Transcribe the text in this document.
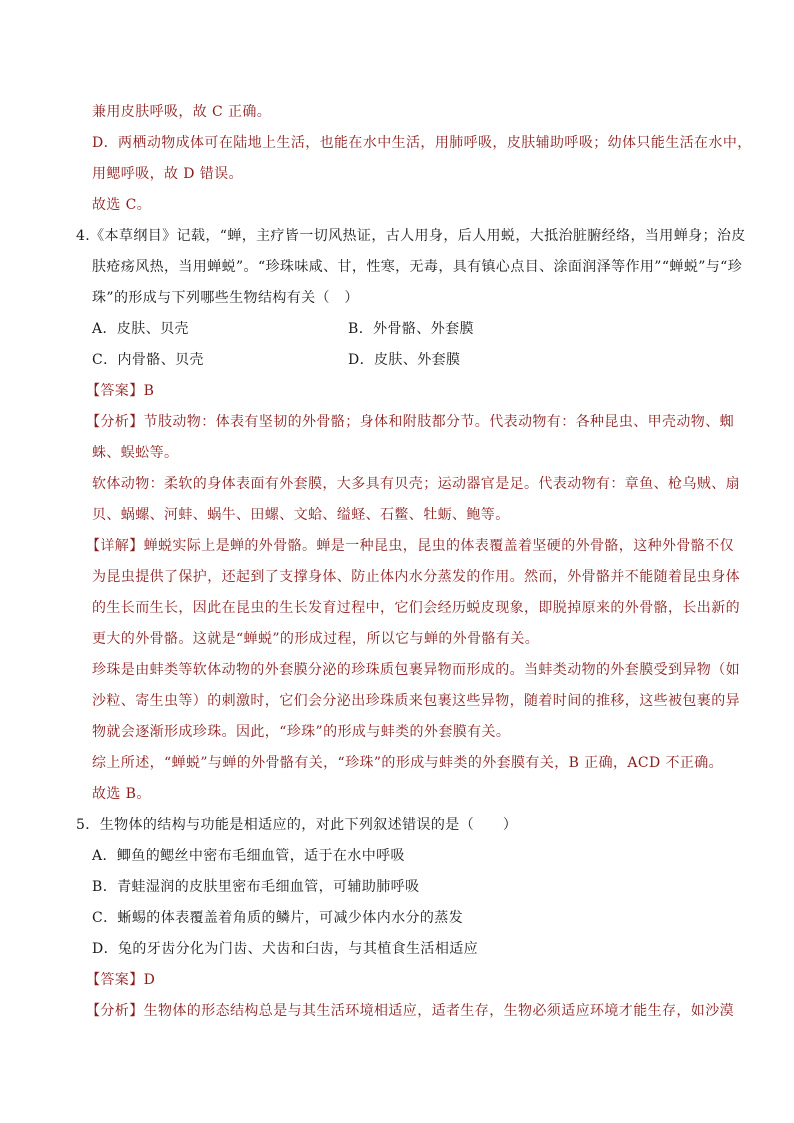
兼用皮肤呼吸，故 C 正确。
D．两栖动物成体可在陆地上生活，也能在水中生活，用肺呼吸，皮肤辅助呼吸；幼体只能生活在水中，
用鳃呼吸，故 D 错误。
故选 C。
4.《本草纲目》记载，“蝉，主疗皆一切风热证，古人用身，后人用蜕，大抵治脏腑经络，当用蝉身；治皮
肤疮疡风热，当用蝉蜕”。“珍珠味咸、甘，性寒，无毒，具有镇心点目、涂面润泽等作用”“蝉蜕”与“珍
珠”的形成与下列哪些生物结构有关（　）
A．皮肤、贝壳	B．外骨骼、外套膜
C．内骨骼、贝壳	D．皮肤、外套膜
【答案】B
【分析】节肢动物：体表有坚韧的外骨骼；身体和附肢都分节。代表动物有：各种昆虫、甲壳动物、蜘
蛛、蜈蚣等。
软体动物：柔软的身体表面有外套膜，大多具有贝壳；运动器官是足。代表动物有：章鱼、枪乌贼、扇
贝、蜗螺、河蚌、蜗牛、田螺、文蛤、缢蛏、石鳖、牡蛎、鲍等。
【详解】蝉蜕实际上是蝉的外骨骼。蝉是一种昆虫，昆虫的体表覆盖着坚硬的外骨骼，这种外骨骼不仅
为昆虫提供了保护，还起到了支撑身体、防止体内水分蒸发的作用。然而，外骨骼并不能随着昆虫身体
的生长而生长，因此在昆虫的生长发育过程中，它们会经历蜕皮现象，即脱掉原来的外骨骼，长出新的
更大的外骨骼。这就是“蝉蜕”的形成过程，所以它与蝉的外骨骼有关。
珍珠是由蚌类等软体动物的外套膜分泌的珍珠质包裹异物而形成的。当蚌类动物的外套膜受到异物（如
沙粒、寄生虫等）的刺激时，它们会分泌出珍珠质来包裹这些异物，随着时间的推移，这些被包裹的异
物就会逐渐形成珍珠。因此，“珍珠”的形成与蚌类的外套膜有关。
综上所述，“蝉蜕”与蝉的外骨骼有关，“珍珠”的形成与蚌类的外套膜有关，B 正确，ACD 不正确。
故选 B。
5．生物体的结构与功能是相适应的，对此下列叙述错误的是（　　）
A．鲫鱼的鳃丝中密布毛细血管，适于在水中呼吸
B．青蛙湿润的皮肤里密布毛细血管，可辅助肺呼吸
C．蜥蜴的体表覆盖着角质的鳞片，可减少体内水分的蒸发
D．兔的牙齿分化为门齿、犬齿和臼齿，与其植食生活相适应
【答案】D
【分析】生物体的形态结构总是与其生活环境相适应，适者生存，生物必须适应环境才能生存，如沙漠
